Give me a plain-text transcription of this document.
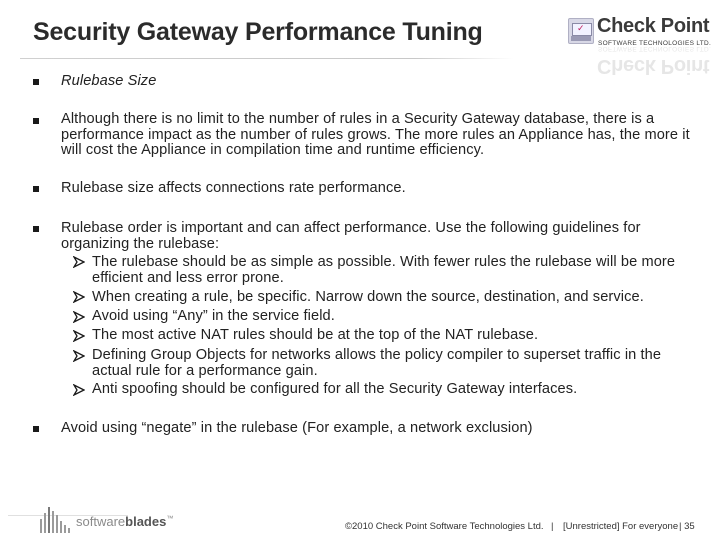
Security Gateway Performance Tuning	✓ Check Point
SOFTWARE TECHNOLOGIES LTD.
Check Point
SOFTWARE TECHNOLOGIES LTD.
Rulebase Size
Although there is no limit to the number of rules in a Security Gateway database, there is a performance impact as the number of rules grows. The more rules an Appliance has, the more it will cost the Appliance in compilation time and runtime efficiency.
Rulebase size affects connections rate performance.
Rulebase order is important and can affect performance. Use the following guidelines for organizing the rulebase:
The rulebase should be as simple as possible. With fewer rules the rulebase will be more efficient and less error prone.
When creating a rule, be specific. Narrow down the source, destination, and service.
Avoid using “Any” in the service field.
The most active NAT rules should be at the top of the NAT rulebase.
Defining Group Objects for networks allows the policy compiler to superset traffic in the actual rule for a performance gain.
Anti spoofing should be configured for all the Security Gateway interfaces.
Avoid using “negate” in the rulebase (For example, a network exclusion)
softwareblades™
©2010 Check Point Software Technologies Ltd. | [Unrestricted] For everyone | 35
